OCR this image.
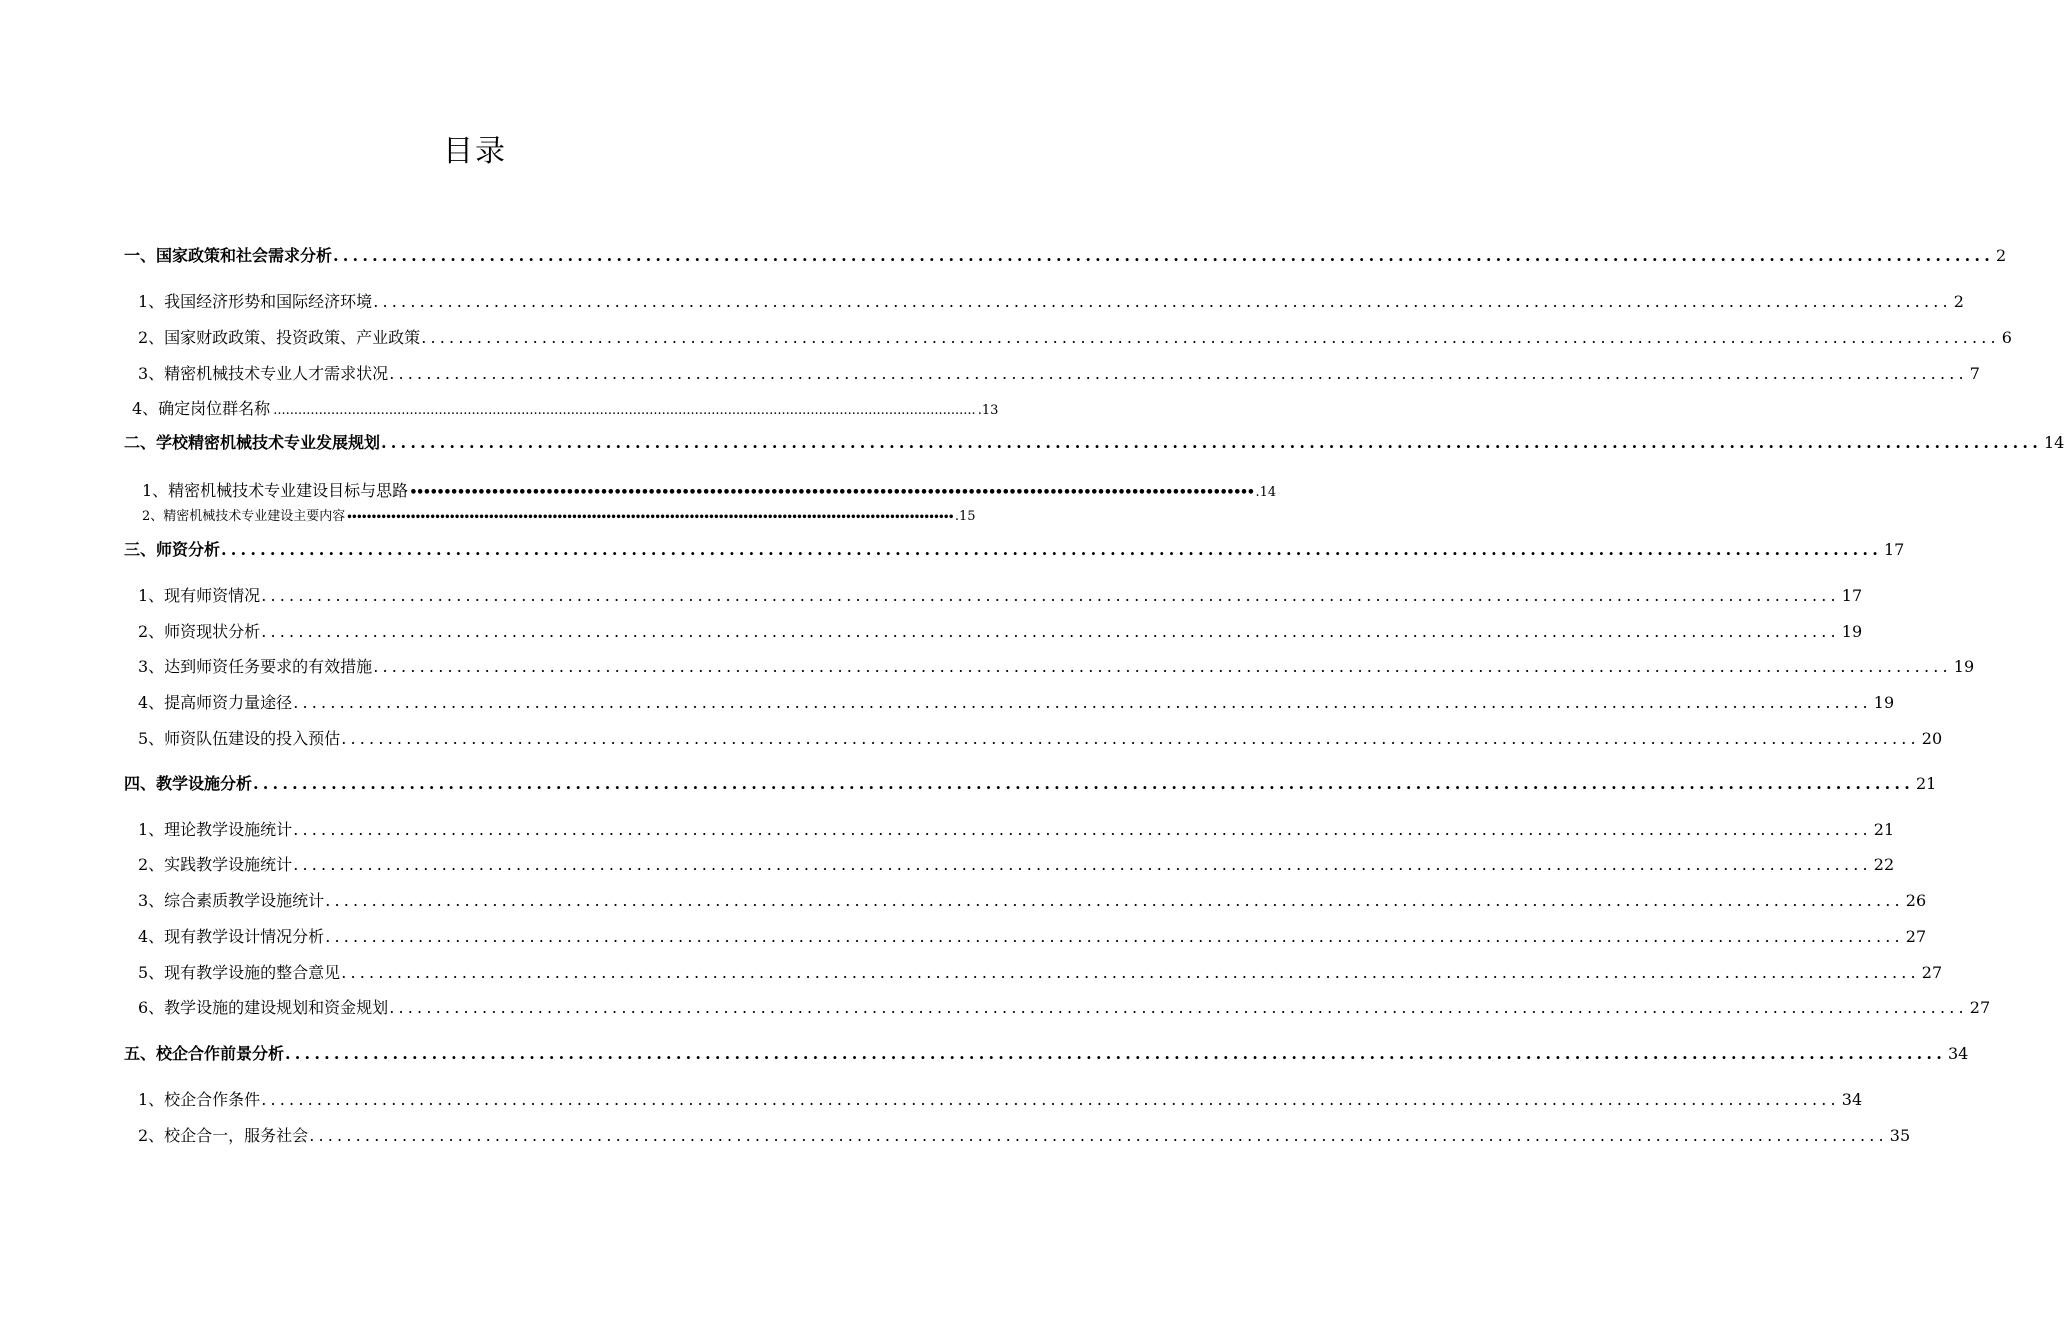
目录
一、国家政策和社会需求分析 .......................................................................................................................................................................... 2
1、我国经济形势和国际经济环境 .......................................................................................................................................................................... 2
2、国家财政政策、投资政策、产业政策 .......................................................................................................................................................................... 6
3、精密机械技术专业人才需求状况 .......................................................................................................................................................................... 7
4、确定岗位群名称 .......................................................................................................................................................................... .13
二、学校精密机械技术专业发展规划 .......................................................................................................................................................................... 14
1、精密机械技术专业建设目标与思路 •••••••••••••••••••••••••••••••••••••••••••••••••••••••••••••••••••••••••••••••••••••••••••••••••••••••••••••••••••••••••••• .14
2、精密机械技术专业建设主要内容 •••••••••••••••••••••••••••••••••••••••••••••••••••••••••••••••••••••••••••••••••••••••••••••••••••••••••••••••••••••••••••• .15
三、师资分析 .......................................................................................................................................................................... 17
1、现有师资情况 .......................................................................................................................................................................... 17
2、师资现状分析 .......................................................................................................................................................................... 19
3、达到师资任务要求的有效措施 .......................................................................................................................................................................... 19
4、提高师资力量途径 .......................................................................................................................................................................... 19
5、师资队伍建设的投入预估 .......................................................................................................................................................................... 20
四、教学设施分析 .......................................................................................................................................................................... 21
1、理论教学设施统计 .......................................................................................................................................................................... 21
2、实践教学设施统计 .......................................................................................................................................................................... 22
3、综合素质教学设施统计 .......................................................................................................................................................................... 26
4、现有教学设计情况分析 .......................................................................................................................................................................... 27
5、现有教学设施的整合意见 .......................................................................................................................................................................... 27
6、教学设施的建设规划和资金规划 .......................................................................................................................................................................... 27
五、校企合作前景分析 .......................................................................................................................................................................... 34
1、校企合作条件 .......................................................................................................................................................................... 34
2、校企合一，服务社会 .......................................................................................................................................................................... 35
